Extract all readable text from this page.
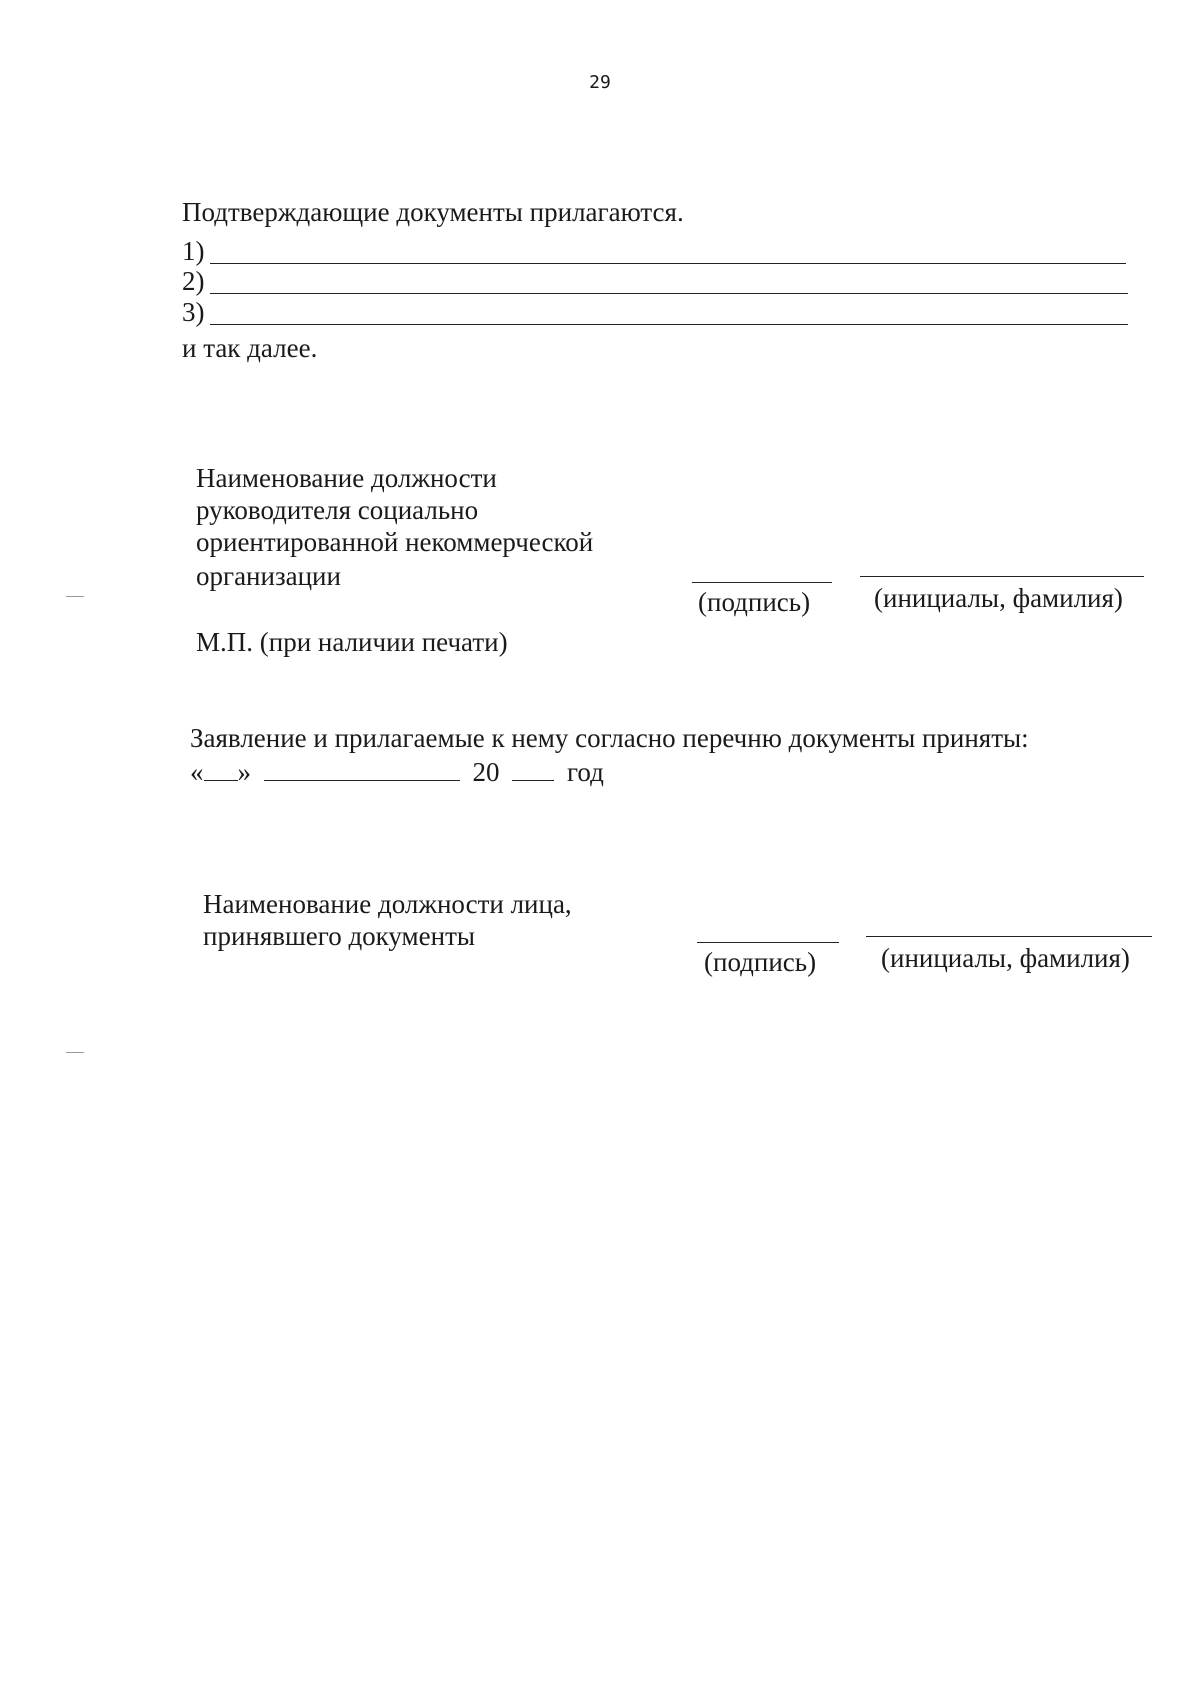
29
Подтверждающие документы прилагаются.
1)
2)
3)
и так далее.
Наименование должности
руководителя социально
ориентированной некоммерческой
организации
(подпись) (инициалы, фамилия)
М.П. (при наличии печати)
Заявление и прилагаемые к нему согласно перечню документы приняты:
« »	20	год
Наименование должности лица,
принявшего документы
(подпись) (инициалы, фамилия)
